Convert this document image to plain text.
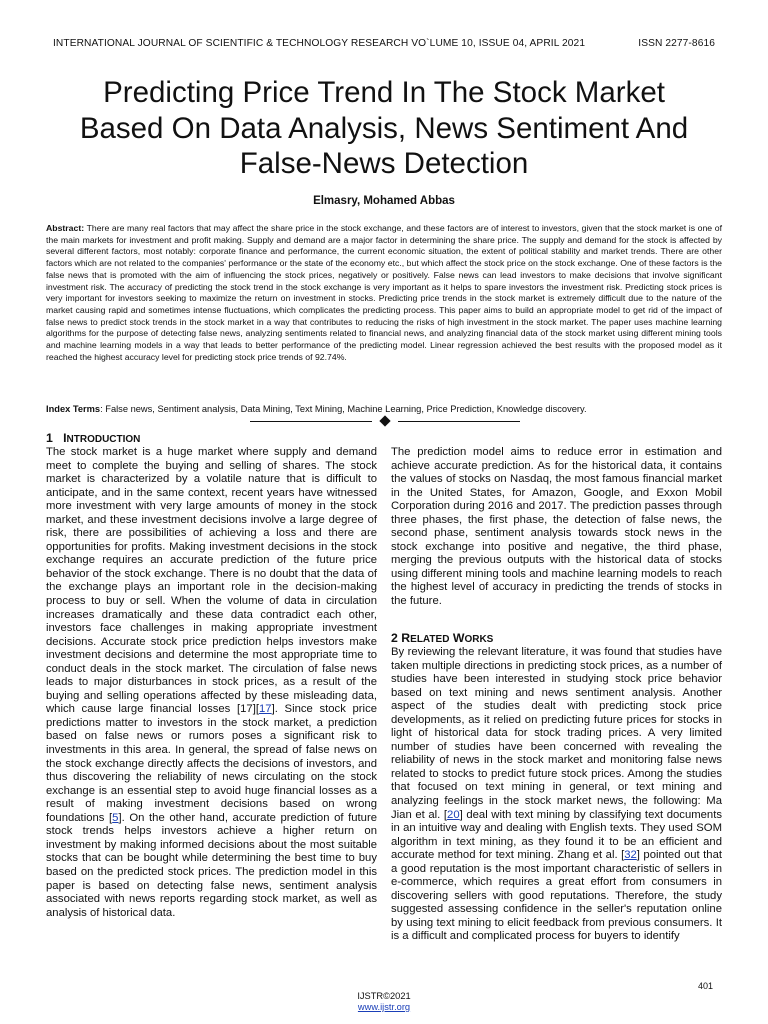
INTERNATIONAL JOURNAL OF SCIENTIFIC & TECHNOLOGY RESEARCH VO`LUME 10, ISSUE 04, APRIL 2021	ISSN 2277-8616
Predicting Price Trend In The Stock Market
Based On Data Analysis, News Sentiment And
False-News Detection
Elmasry, Mohamed Abbas

Abstract: There are many real factors that may affect the share price in the stock exchange, and these factors are of interest to investors, given that the stock market is one of the main markets for investment and profit making. Supply and demand are a major factor in determining the share price. The supply and demand for the stock is affected by several different factors, most notably: corporate finance and performance, the current economic situation, the extent of political stability and market trends. There are other factors which are not related to the companies' performance or the state of the economy etc., but which affect the stock price on the stock exchange. One of these factors is the false news that is promoted with the aim of influencing the stock prices, negatively or positively. False news can lead investors to make decisions that involve significant investment risk. The accuracy of predicting the stock trend in the stock exchange is very important as it helps to spare investors the investment risk. Predicting stock prices is very important for investors seeking to maximize the return on investment in stocks. Predicting price trends in the stock market is extremely difficult due to the nature of the market causing rapid and sometimes intense fluctuations, which complicates the predicting process. This paper aims to build an appropriate model to get rid of the impact of false news to predict stock trends in the stock market in a way that contributes to reducing the risks of high investment in the stock market. The paper uses machine learning algorithms for the purpose of detecting false news, analyzing sentiments related to financial news, and analyzing financial data of the stock market using different mining tools and machine learning models in a way that leads to better performance of the predicting model. Linear regression achieved the best results with the proposed model as it reached the highest accuracy level for predicting stock price trends of 92.74%.

Index Terms: False news, Sentiment analysis, Data Mining, Text Mining, Machine Learning, Price Prediction, Knowledge discovery.
1 INTRODUCTION

The stock market is a huge market where supply and demand meet to complete the buying and selling of shares. The stock market is characterized by a volatile nature that is difficult to anticipate, and in the same context, recent years have witnessed more investment with very large amounts of money in the stock market, and these investment decisions involve a large degree of risk, there are possibilities of achieving a loss and there are opportunities for profits. Making investment decisions in the stock exchange requires an accurate prediction of the future price behavior of the stock exchange. There is no doubt that the data of the exchange plays an important role in the decision-making process to buy or sell. When the volume of data in circulation increases dramatically and these data contradict each other, investors face challenges in making appropriate investment decisions. Accurate stock price prediction helps investors make investment decisions and determine the most appropriate time to conduct deals in the stock market. The circulation of false news leads to major disturbances in stock prices, as a result of the buying and selling operations affected by these misleading data, which cause large financial losses [17][17]. Since stock price predictions matter to investors in the stock market, a prediction based on false news or rumors poses a significant risk to investments in this area. In general, the spread of false news on the stock exchange directly affects the decisions of investors, and thus discovering the reliability of news circulating on the stock exchange is an essential step to avoid huge financial losses as a result of making investment decisions based on wrong foundations [5]. On the other hand, accurate prediction of future stock trends helps investors achieve a higher return on investment by making informed decisions about the most suitable stocks that can be bought while determining the best time to buy based on the predicted stock prices. The prediction model in this paper is based on detecting false news, sentiment analysis associated with news reports regarding stock market, as well as analysis of historical data.

The prediction model aims to reduce error in estimation and achieve accurate prediction. As for the historical data, it contains the values of stocks on Nasdaq, the most famous financial market in the United States, for Amazon, Google, and Exxon Mobil Corporation during 2016 and 2017. The prediction passes through three phases, the first phase, the detection of false news, the second phase, sentiment analysis towards stock news in the stock exchange into positive and negative, the third phase, merging the previous outputs with the historical data of stocks using different mining tools and machine learning models to reach the highest level of accuracy in predicting the trends of stocks in the future.

2 RELATED WORKS

By reviewing the relevant literature, it was found that studies have taken multiple directions in predicting stock prices, as a number of studies have been interested in studying stock price behavior based on text mining and news sentiment analysis. Another aspect of the studies dealt with predicting stock price developments, as it relied on predicting future prices for stocks in light of historical data for stock trading prices. A very limited number of studies have been concerned with revealing the reliability of news in the stock market and monitoring false news related to stocks to predict future stock prices. Among the studies that focused on text mining in general, or text mining and analyzing feelings in the stock market news, the following: Ma Jian et al. [20] deal with text mining by classifying text documents in an intuitive way and dealing with English texts. They used SOM algorithm in text mining, as they found it to be an efficient and accurate method for text mining. Zhang et al. [32] pointed out that a good reputation is the most important characteristic of sellers in e-commerce, which requires a great effort from consumers in discovering sellers with good reputations. Therefore, the study suggested assessing confidence in the seller's reputation online by using text mining to elicit feedback from previous consumers. It is a difficult and complicated process for buyers to identify

401
IJSTR©2021
www.ijstr.org
